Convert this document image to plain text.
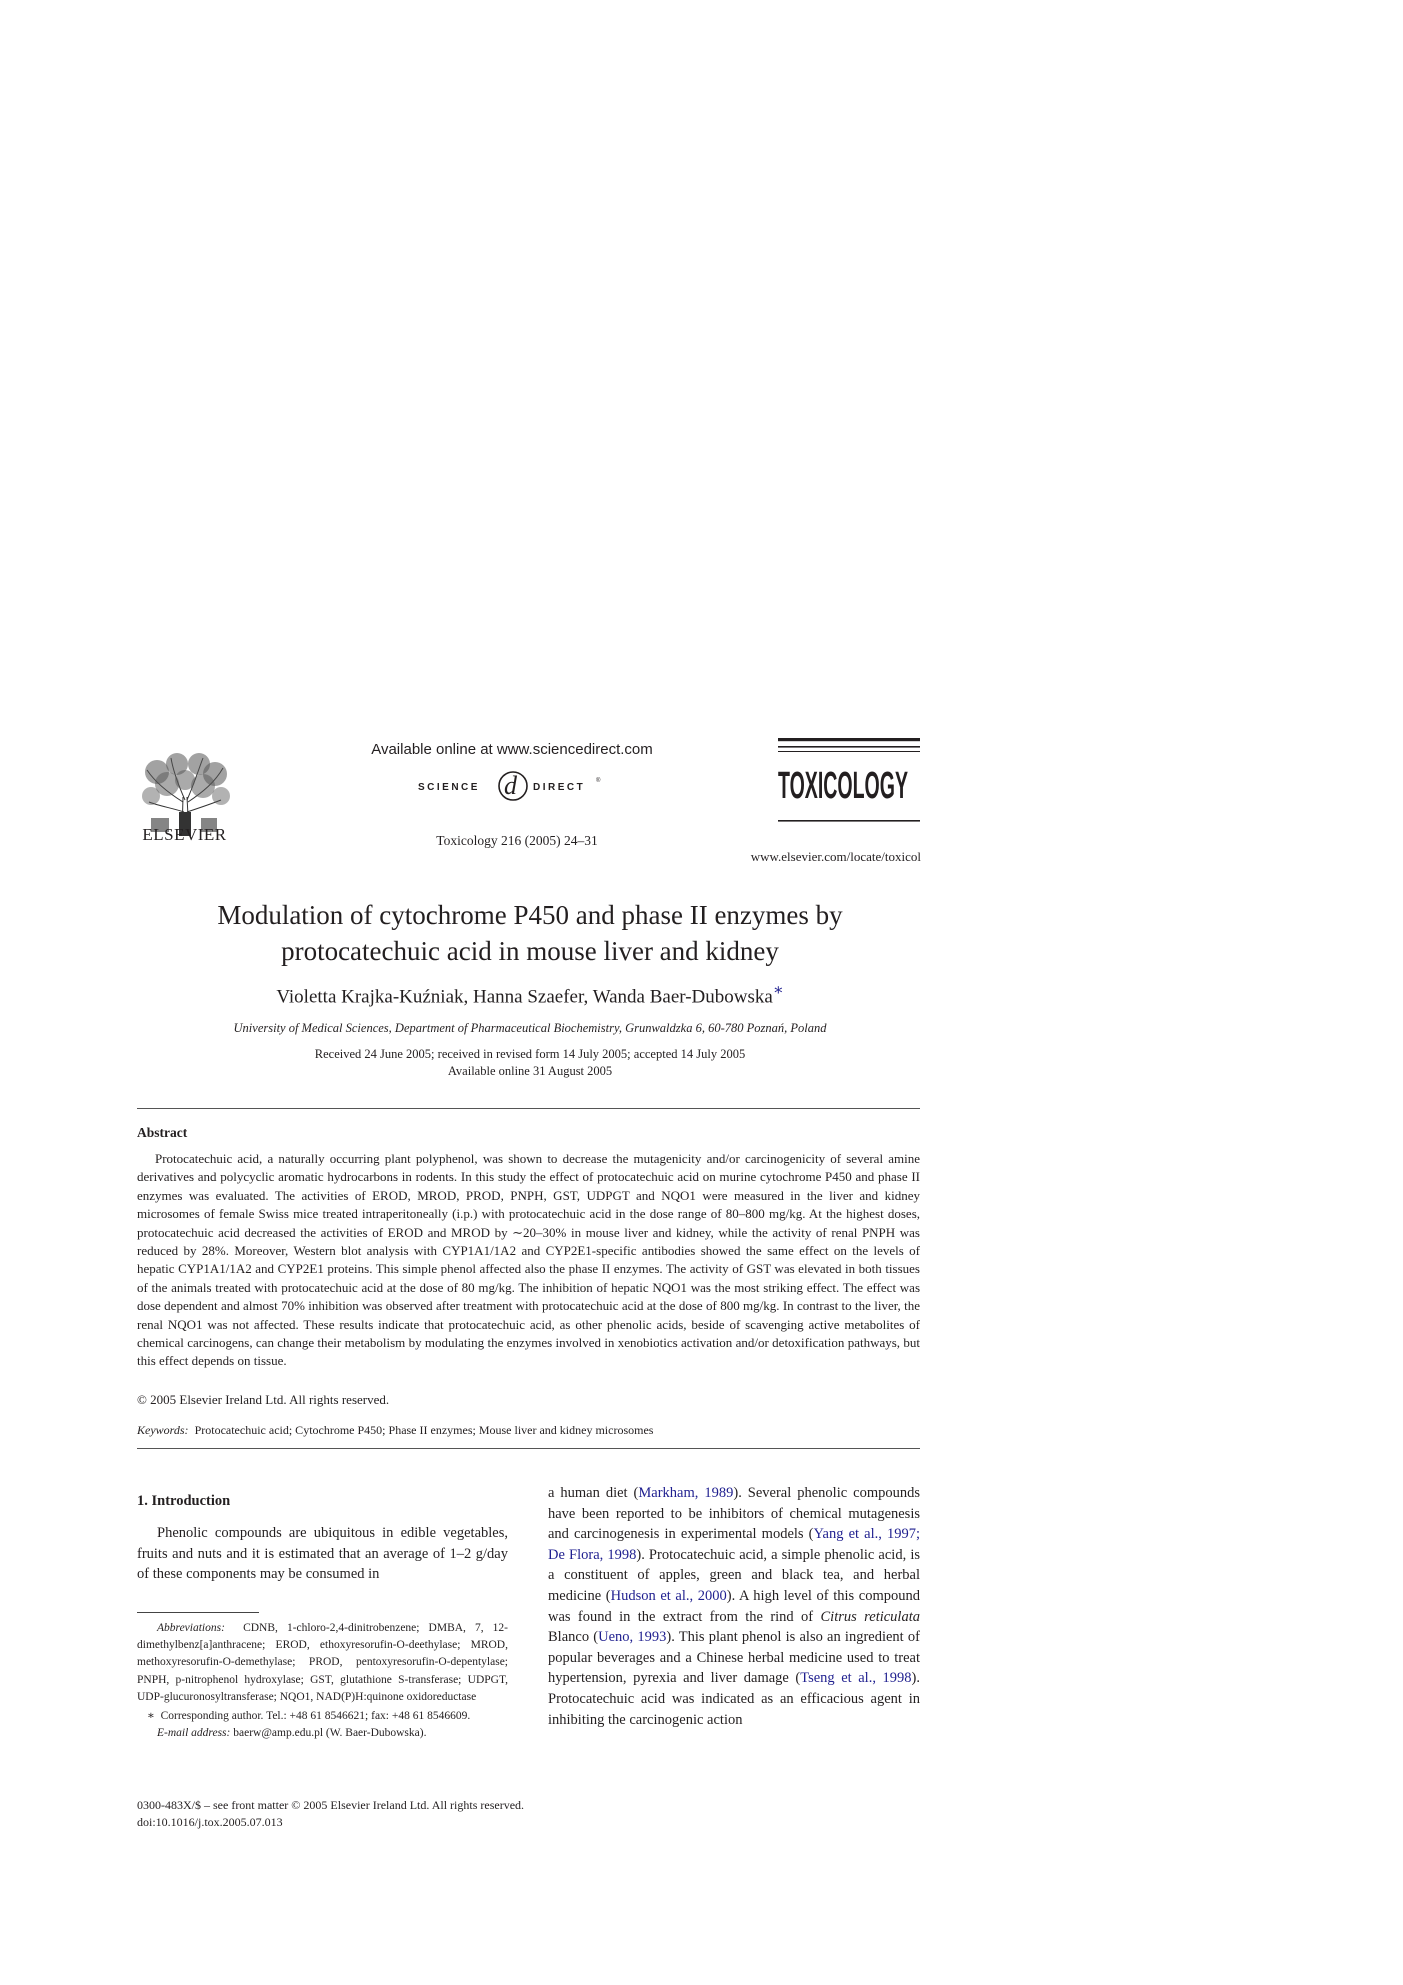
ELSEVIER
Available online at www.sciencedirect.com
SCIENCE d DIRECT
®
Toxicology 216 (2005) 24–31
TOXICOLOGY
www.elsevier.com/locate/toxicol
Modulation of cytochrome P450 and phase II enzymes by
protocatechuic acid in mouse liver and kidney
Violetta Krajka-Kuźniak, Hanna Szaefer, Wanda Baer-Dubowska∗
University of Medical Sciences, Department of Pharmaceutical Biochemistry, Grunwaldzka 6, 60-780 Poznań, Poland
Received 24 June 2005; received in revised form 14 July 2005; accepted 14 July 2005
Available online 31 August 2005
Abstract
Protocatechuic acid, a naturally occurring plant polyphenol, was shown to decrease the mutagenicity and/or carcinogenicity of several amine derivatives and polycyclic aromatic hydrocarbons in rodents. In this study the effect of protocatechuic acid on murine cytochrome P450 and phase II enzymes was evaluated. The activities of EROD, MROD, PROD, PNPH, GST, UDPGT and NQO1 were measured in the liver and kidney microsomes of female Swiss mice treated intraperitoneally (i.p.) with protocatechuic acid in the dose range of 80–800 mg/kg. At the highest doses, protocatechuic acid decreased the activities of EROD and MROD by ∼20–30% in mouse liver and kidney, while the activity of renal PNPH was reduced by 28%. Moreover, Western blot analysis with CYP1A1/1A2 and CYP2E1-specific antibodies showed the same effect on the levels of hepatic CYP1A1/1A2 and CYP2E1 proteins. This simple phenol affected also the phase II enzymes. The activity of GST was elevated in both tissues of the animals treated with protocatechuic acid at the dose of 80 mg/kg. The inhibition of hepatic NQO1 was the most striking effect. The effect was dose dependent and almost 70% inhibition was observed after treatment with protocatechuic acid at the dose of 800 mg/kg. In contrast to the liver, the renal NQO1 was not affected. These results indicate that protocatechuic acid, as other phenolic acids, beside of scavenging active metabolites of chemical carcinogens, can change their metabolism by modulating the enzymes involved in xenobiotics activation and/or detoxification pathways, but this effect depends on tissue.
© 2005 Elsevier Ireland Ltd. All rights reserved.
Keywords: Protocatechuic acid; Cytochrome P450; Phase II enzymes; Mouse liver and kidney microsomes
1. Introduction
Phenolic compounds are ubiquitous in edible vegetables, fruits and nuts and it is estimated that an average of 1–2 g/day of these components may be consumed in
a human diet (Markham, 1989). Several phenolic compounds have been reported to be inhibitors of chemical mutagenesis and carcinogenesis in experimental models (Yang et al., 1997; De Flora, 1998). Protocatechuic acid, a simple phenolic acid, is a constituent of apples, green and black tea, and herbal medicine (Hudson et al., 2000). A high level of this compound was found in the extract from the rind of Citrus reticulata Blanco (Ueno, 1993). This plant phenol is also an ingredient of popular beverages and a Chinese herbal medicine used to treat hypertension, pyrexia and liver damage (Tseng et al., 1998). Protocatechuic acid was indicated as an efficacious agent in inhibiting the carcinogenic action

Abbreviations: CDNB, 1-chloro-2,4-dinitrobenzene; DMBA, 7, 12-dimethylbenz[a]anthracene; EROD, ethoxyresorufin-O-deethylase; MROD, methoxyresorufin-O-demethylase; PROD, pentoxyresorufin-O-depentylase; PNPH, p-nitrophenol hydroxylase; GST, glutathione S-transferase; UDPGT, UDP-glucuronosyltransferase; NQO1, NAD(P)H:quinone oxidoreductase

∗ Corresponding author. Tel.: +48 61 8546621; fax: +48 61 8546609.

E-mail address: baerw@amp.edu.pl (W. Baer-Dubowska).

0300-483X/$ – see front matter © 2005 Elsevier Ireland Ltd. All rights reserved.
doi:10.1016/j.tox.2005.07.013
